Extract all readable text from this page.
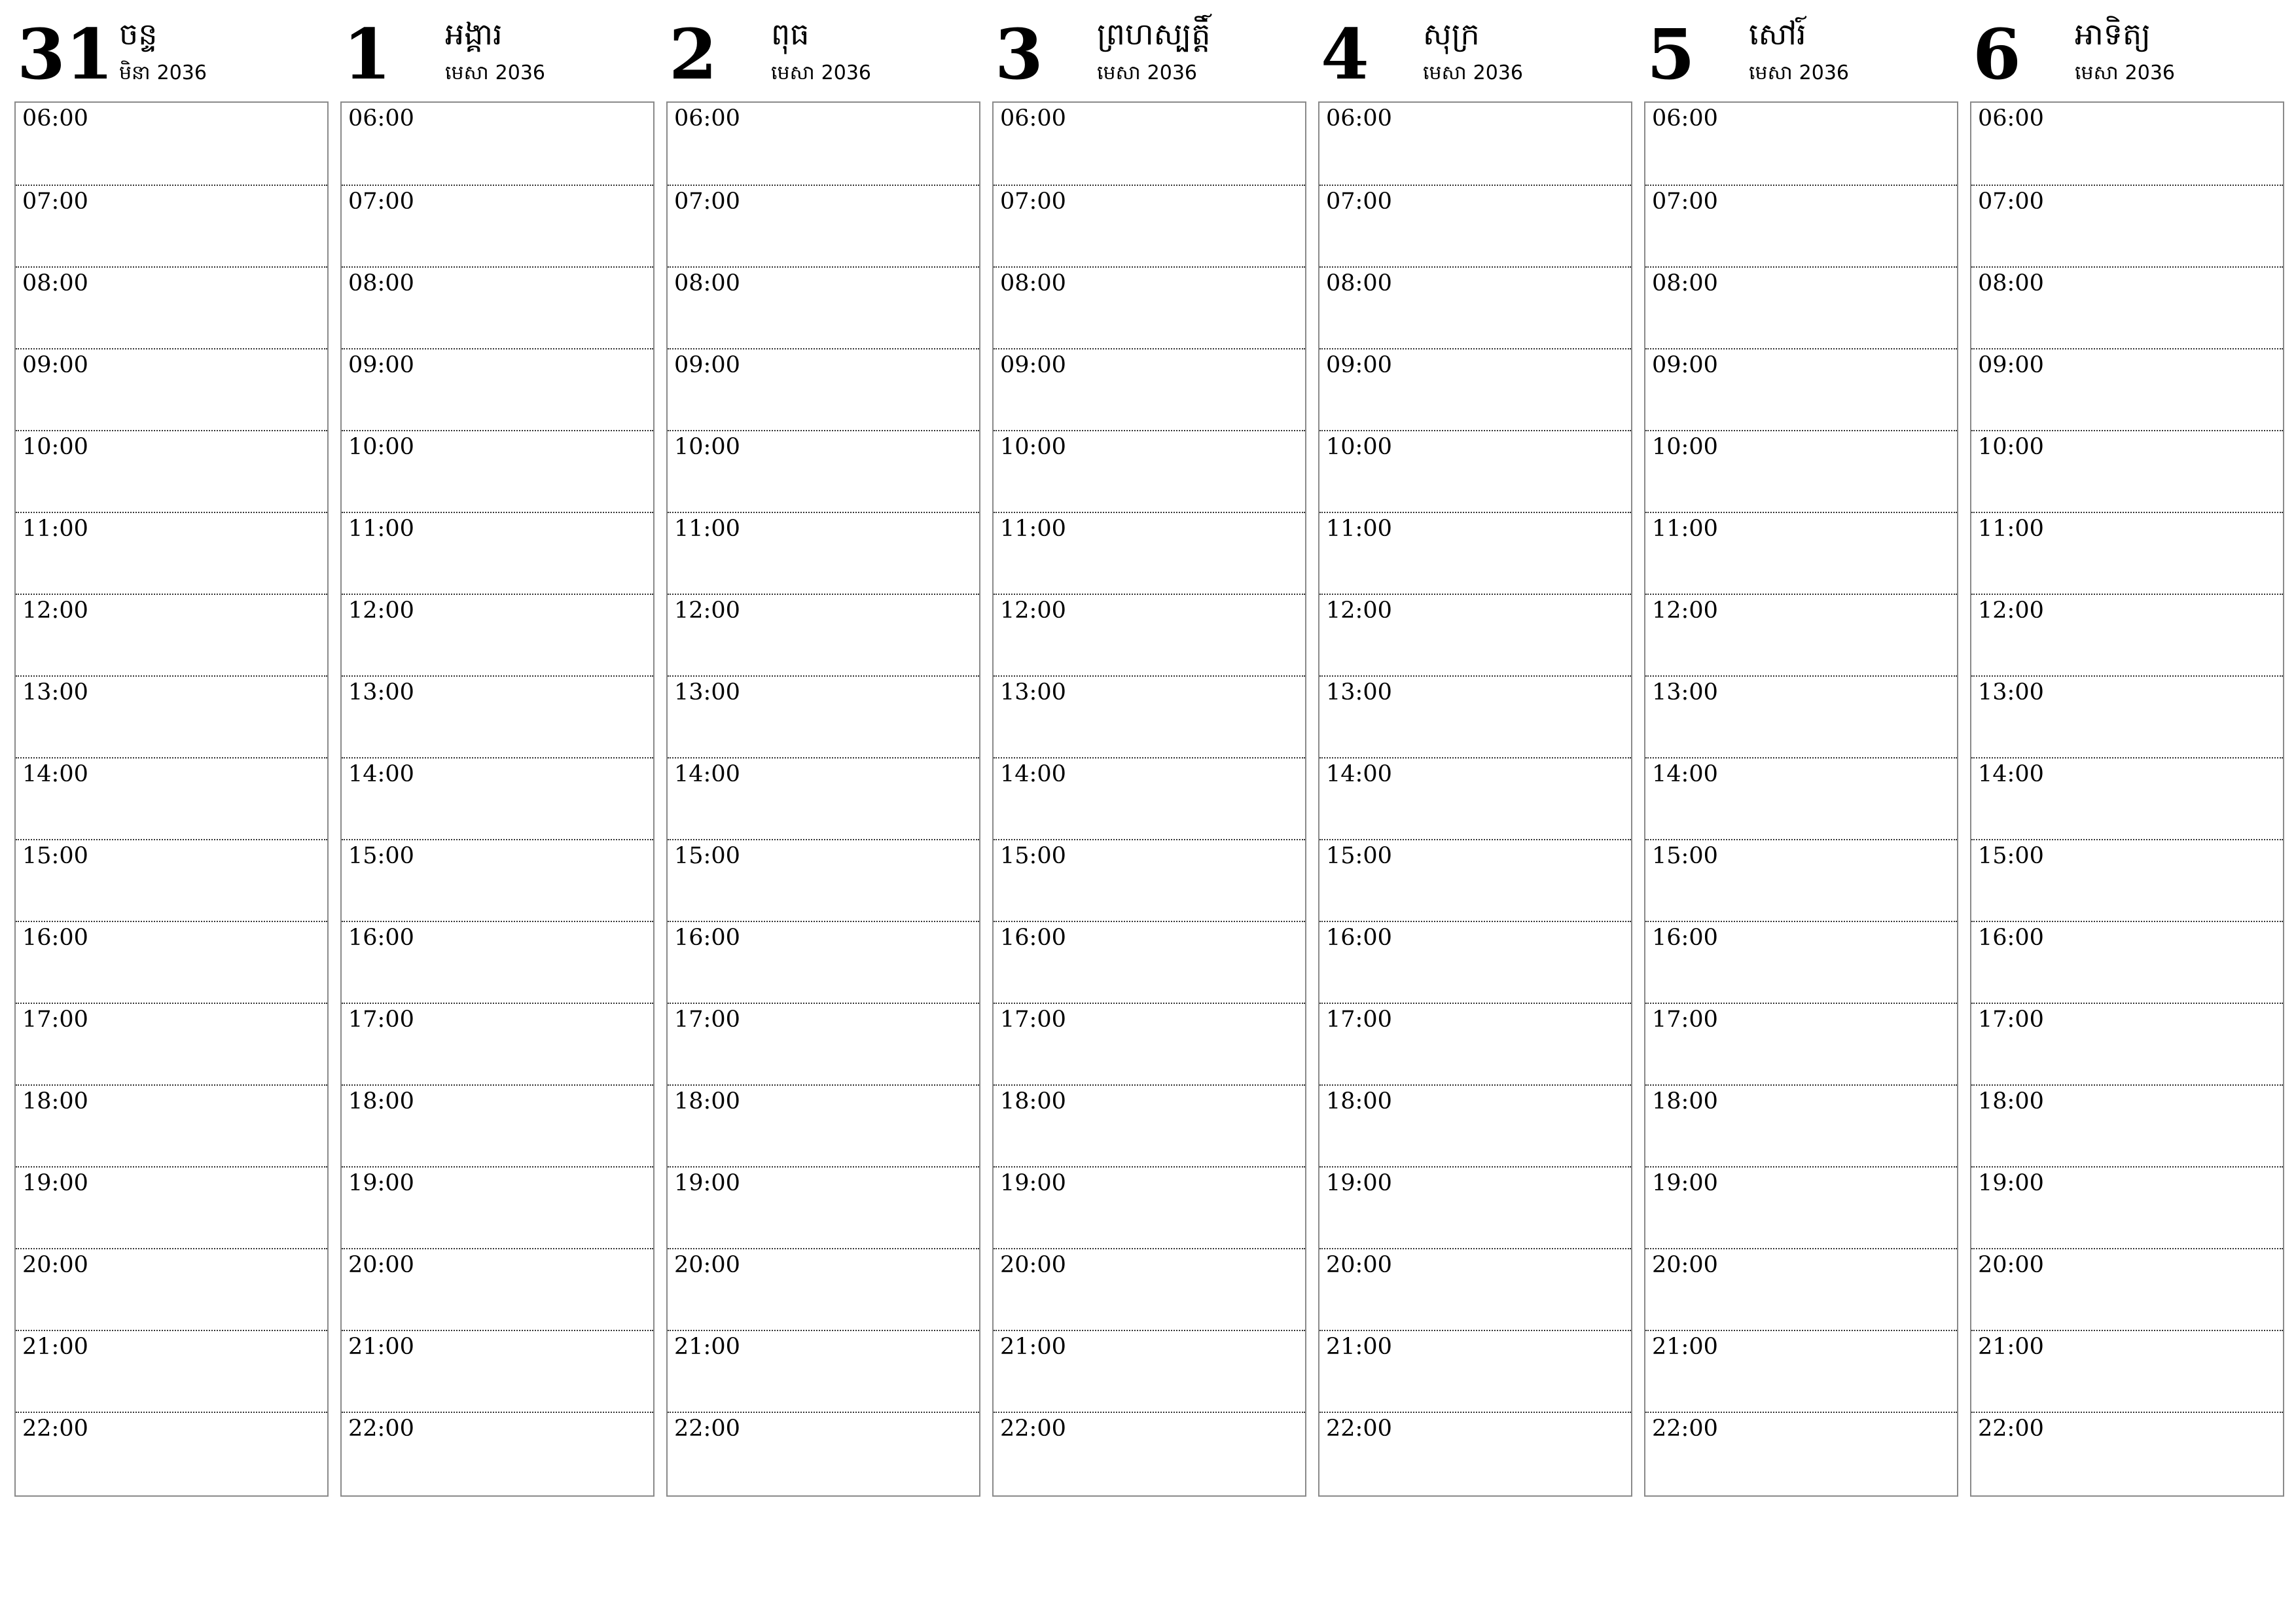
31 ចន្ទ
មិនា 2036
06:00
07:00
08:00
09:00
10:00
11:00
12:00
13:00
14:00
15:00
16:00
17:00
18:00
19:00
20:00
21:00
22:00
1 អង្គារ
មេសា 2036
06:00
07:00
08:00
09:00
10:00
11:00
12:00
13:00
14:00
15:00
16:00
17:00
18:00
19:00
20:00
21:00
22:00
2 ពុធ
មេសា 2036
06:00
07:00
08:00
09:00
10:00
11:00
12:00
13:00
14:00
15:00
16:00
17:00
18:00
19:00
20:00
21:00
22:00
3 ព្រហស្បត្តិ៍
មេសា 2036
06:00
07:00
08:00
09:00
10:00
11:00
12:00
13:00
14:00
15:00
16:00
17:00
18:00
19:00
20:00
21:00
22:00
4 សុក្រ
មេសា 2036
06:00
07:00
08:00
09:00
10:00
11:00
12:00
13:00
14:00
15:00
16:00
17:00
18:00
19:00
20:00
21:00
22:00
5 សៅរ៍
មេសា 2036
06:00
07:00
08:00
09:00
10:00
11:00
12:00
13:00
14:00
15:00
16:00
17:00
18:00
19:00
20:00
21:00
22:00
6 អាទិត្យ
មេសា 2036
06:00
07:00
08:00
09:00
10:00
11:00
12:00
13:00
14:00
15:00
16:00
17:00
18:00
19:00
20:00
21:00
22:00
